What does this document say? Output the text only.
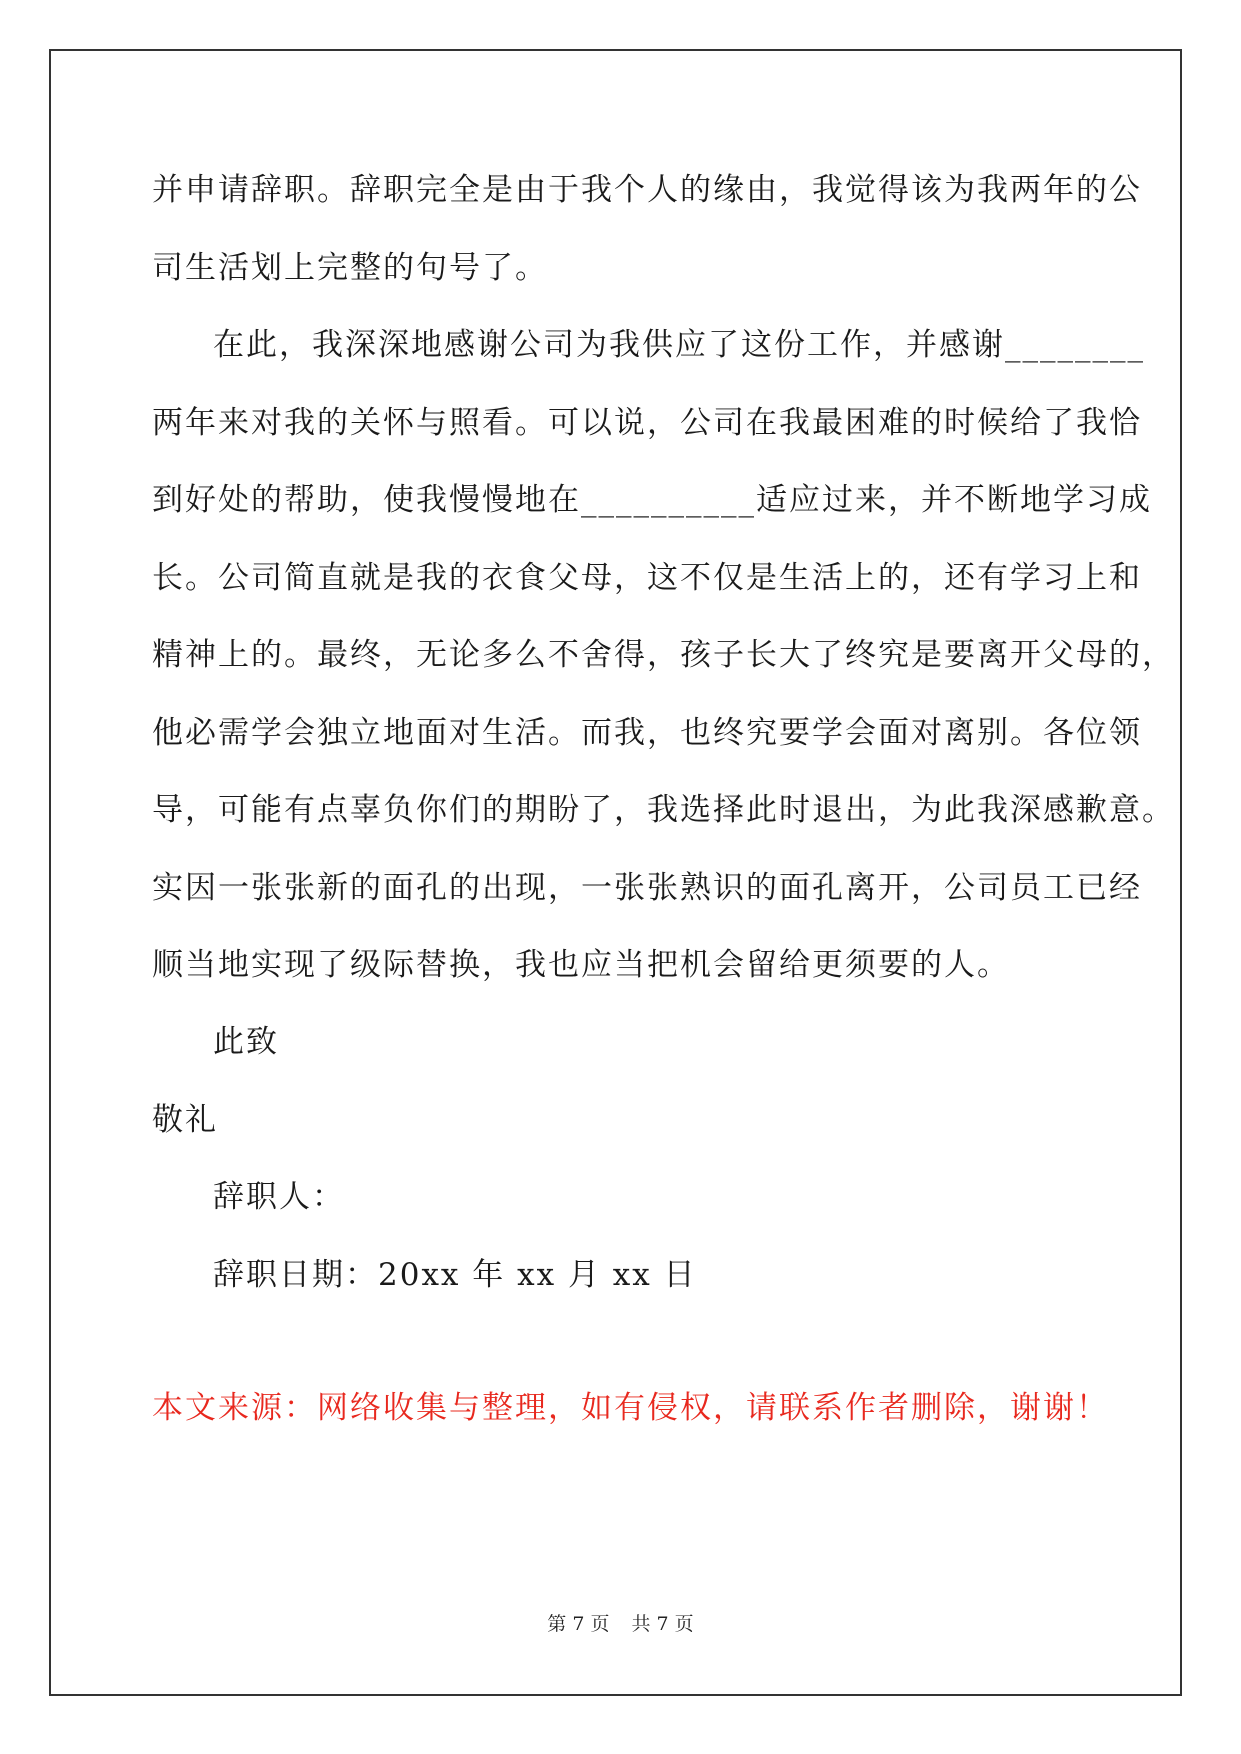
并申请辞职。辞职完全是由于我个人的缘由，我觉得该为我两年的公
司生活划上完整的句号了。
在此，我深深地感谢公司为我供应了这份工作，并感谢________
两年来对我的关怀与照看。可以说，公司在我最困难的时候给了我恰
到好处的帮助，使我慢慢地在__________适应过来，并不断地学习成
长。公司简直就是我的衣食父母，这不仅是生活上的，还有学习上和
精神上的。最终，无论多么不舍得，孩子长大了终究是要离开父母的，
他必需学会独立地面对生活。而我，也终究要学会面对离别。各位领
导，可能有点辜负你们的期盼了，我选择此时退出，为此我深感歉意。
实因一张张新的面孔的出现，一张张熟识的面孔离开，公司员工已经
顺当地实现了级际替换，我也应当把机会留给更须要的人。
此致
敬礼
辞职人：
辞职日期：20xx 年 xx 月 xx 日
本文来源：网络收集与整理，如有侵权，请联系作者删除，谢谢！
第 7 页 共 7 页
